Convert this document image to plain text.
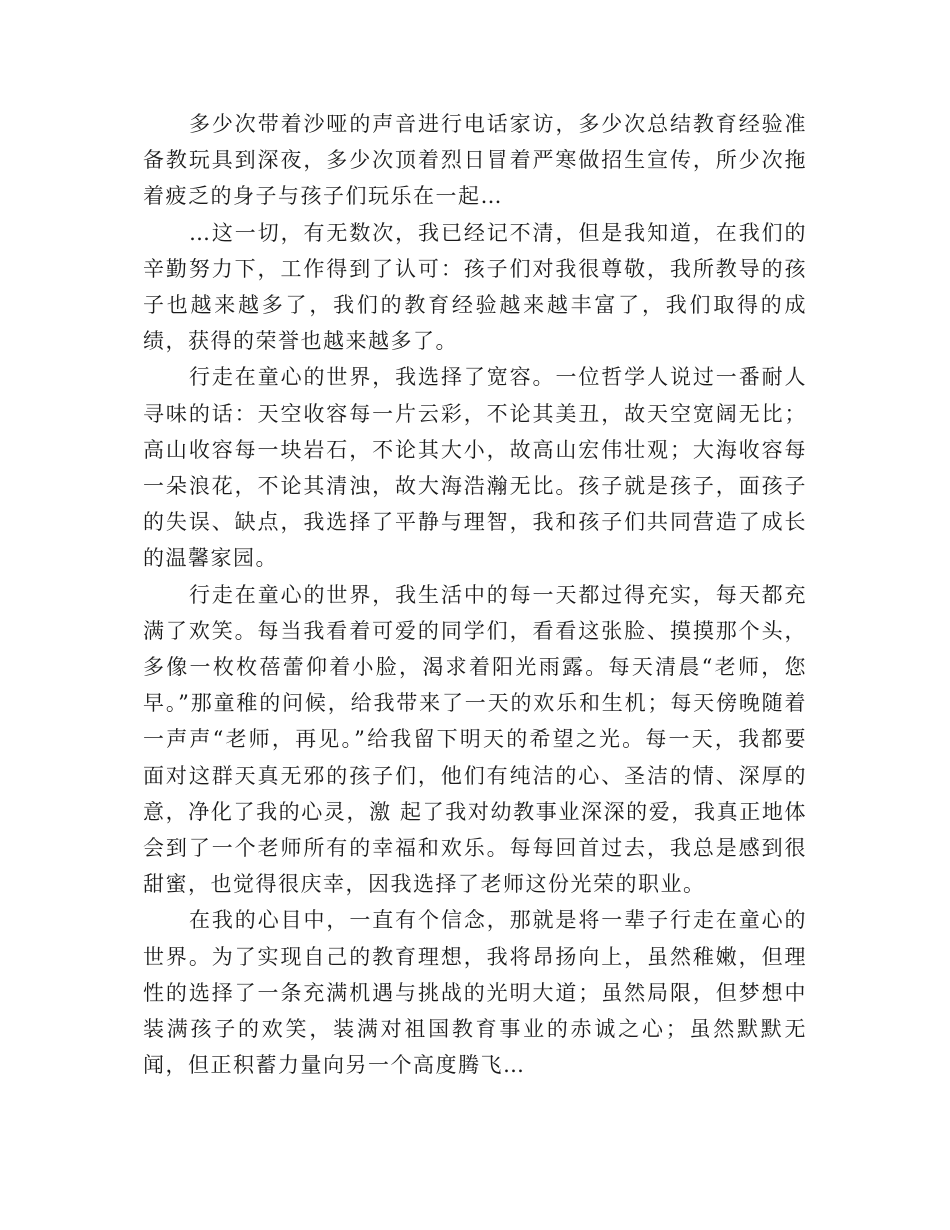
多少次带着沙哑的声音进行电话家访，多少次总结教育经验准备教玩具到深夜，多少次顶着烈日冒着严寒做招生宣传，所少次拖着疲乏的身子与孩子们玩乐在一起…

…这一切，有无数次，我已经记不清，但是我知道，在我们的辛勤努力下，工作得到了认可：孩子们对我很尊敬，我所教导的孩子也越来越多了，我们的教育经验越来越丰富了，我们取得的成绩，获得的荣誉也越来越多了。

行走在童心的世界，我选择了宽容。一位哲学人说过一番耐人寻味的话：天空收容每一片云彩，不论其美丑，故天空宽阔无比；高山收容每一块岩石，不论其大小，故高山宏伟壮观；大海收容每一朵浪花，不论其清浊，故大海浩瀚无比。孩子就是孩子，面孩子的失误、缺点，我选择了平静与理智，我和孩子们共同营造了成长的温馨家园。

行走在童心的世界，我生活中的每一天都过得充实，每天都充满了欢笑。每当我看着可爱的同学们，看看这张脸、摸摸那个头，多像一枚枚蓓蕾仰着小脸，渴求着阳光雨露。每天清晨“老师，您早。”那童稚的问候，给我带来了一天的欢乐和生机；每天傍晚随着一声声“老师，再见。”给我留下明天的希望之光。每一天，我都要面对这群天真无邪的孩子们，他们有纯洁的心、圣洁的情、深厚的意，净化了我的心灵，激 起了我对幼教事业深深的爱，我真正地体会到了一个老师所有的幸福和欢乐。每每回首过去，我总是感到很甜蜜，也觉得很庆幸，因我选择了老师这份光荣的职业。

在我的心目中，一直有个信念，那就是将一辈子行走在童心的世界。为了实现自己的教育理想，我将昂扬向上，虽然稚嫩，但理性的选择了一条充满机遇与挑战的光明大道；虽然局限，但梦想中装满孩子的欢笑，装满对祖国教育事业的赤诚之心；虽然默默无闻，但正积蓄力量向另一个高度腾飞…
